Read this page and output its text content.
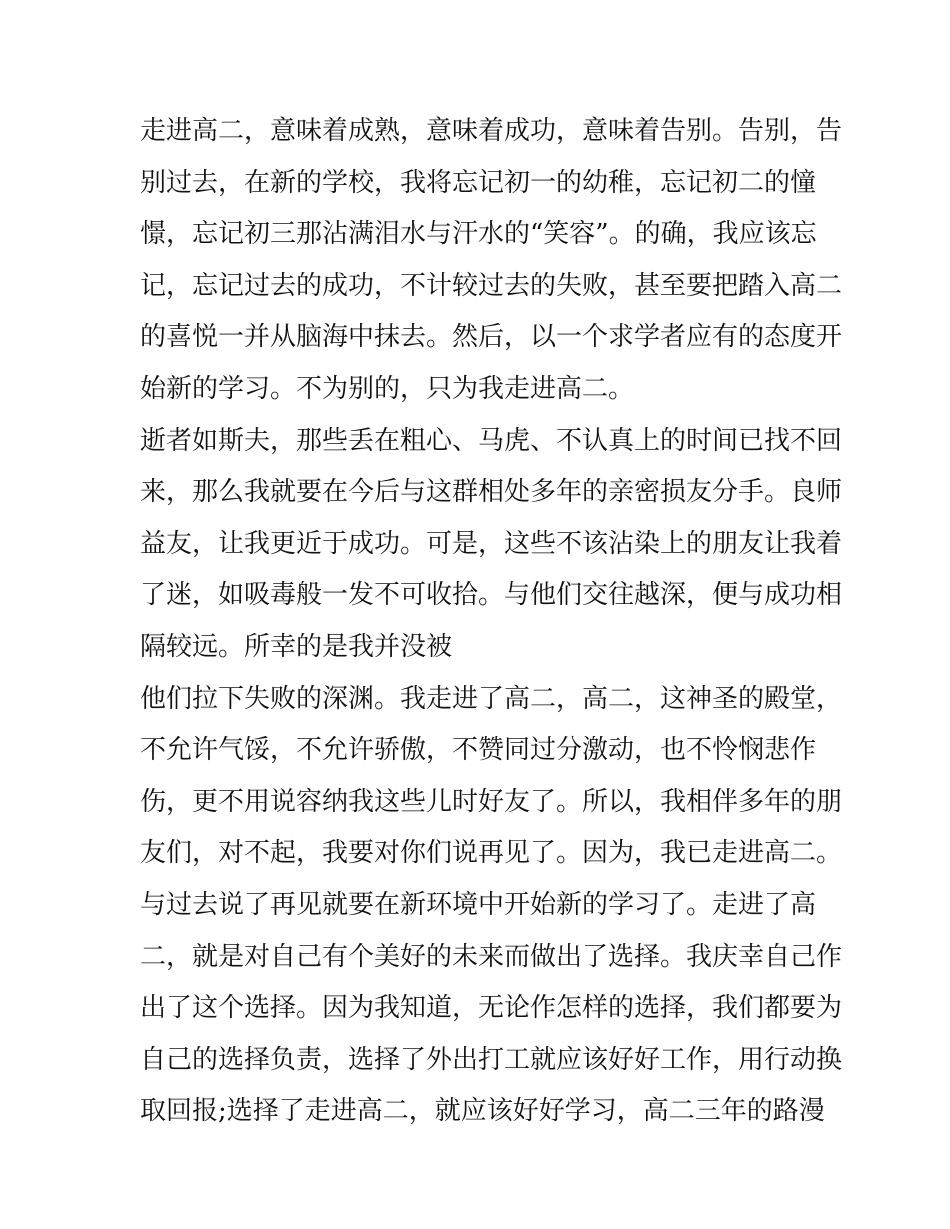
走进高二，意味着成熟，意味着成功，意味着告别。告别，告
别过去，在新的学校，我将忘记初一的幼稚，忘记初二的憧
憬，忘记初三那沾满泪水与汗水的“笑容”。的确，我应该忘
记，忘记过去的成功，不计较过去的失败，甚至要把踏入高二
的喜悦一并从脑海中抹去。然后，以一个求学者应有的态度开
始新的学习。不为别的，只为我走进高二。
逝者如斯夫，那些丢在粗心、马虎、不认真上的时间已找不回
来，那么我就要在今后与这群相处多年的亲密损友分手。良师
益友，让我更近于成功。可是，这些不该沾染上的朋友让我着
了迷，如吸毒般一发不可收拾。与他们交往越深，便与成功相
隔较远。所幸的是我并没被
他们拉下失败的深渊。我走进了高二，高二，这神圣的殿堂，
不允许气馁，不允许骄傲，不赞同过分激动，也不怜悯悲作
伤，更不用说容纳我这些儿时好友了。所以，我相伴多年的朋
友们，对不起，我要对你们说再见了。因为，我已走进高二。
与过去说了再见就要在新环境中开始新的学习了。走进了高
二，就是对自己有个美好的未来而做出了选择。我庆幸自己作
出了这个选择。因为我知道，无论作怎样的选择，我们都要为
自己的选择负责，选择了外出打工就应该好好工作，用行动换
取回报;选择了走进高二，就应该好好学习，高二三年的路漫
